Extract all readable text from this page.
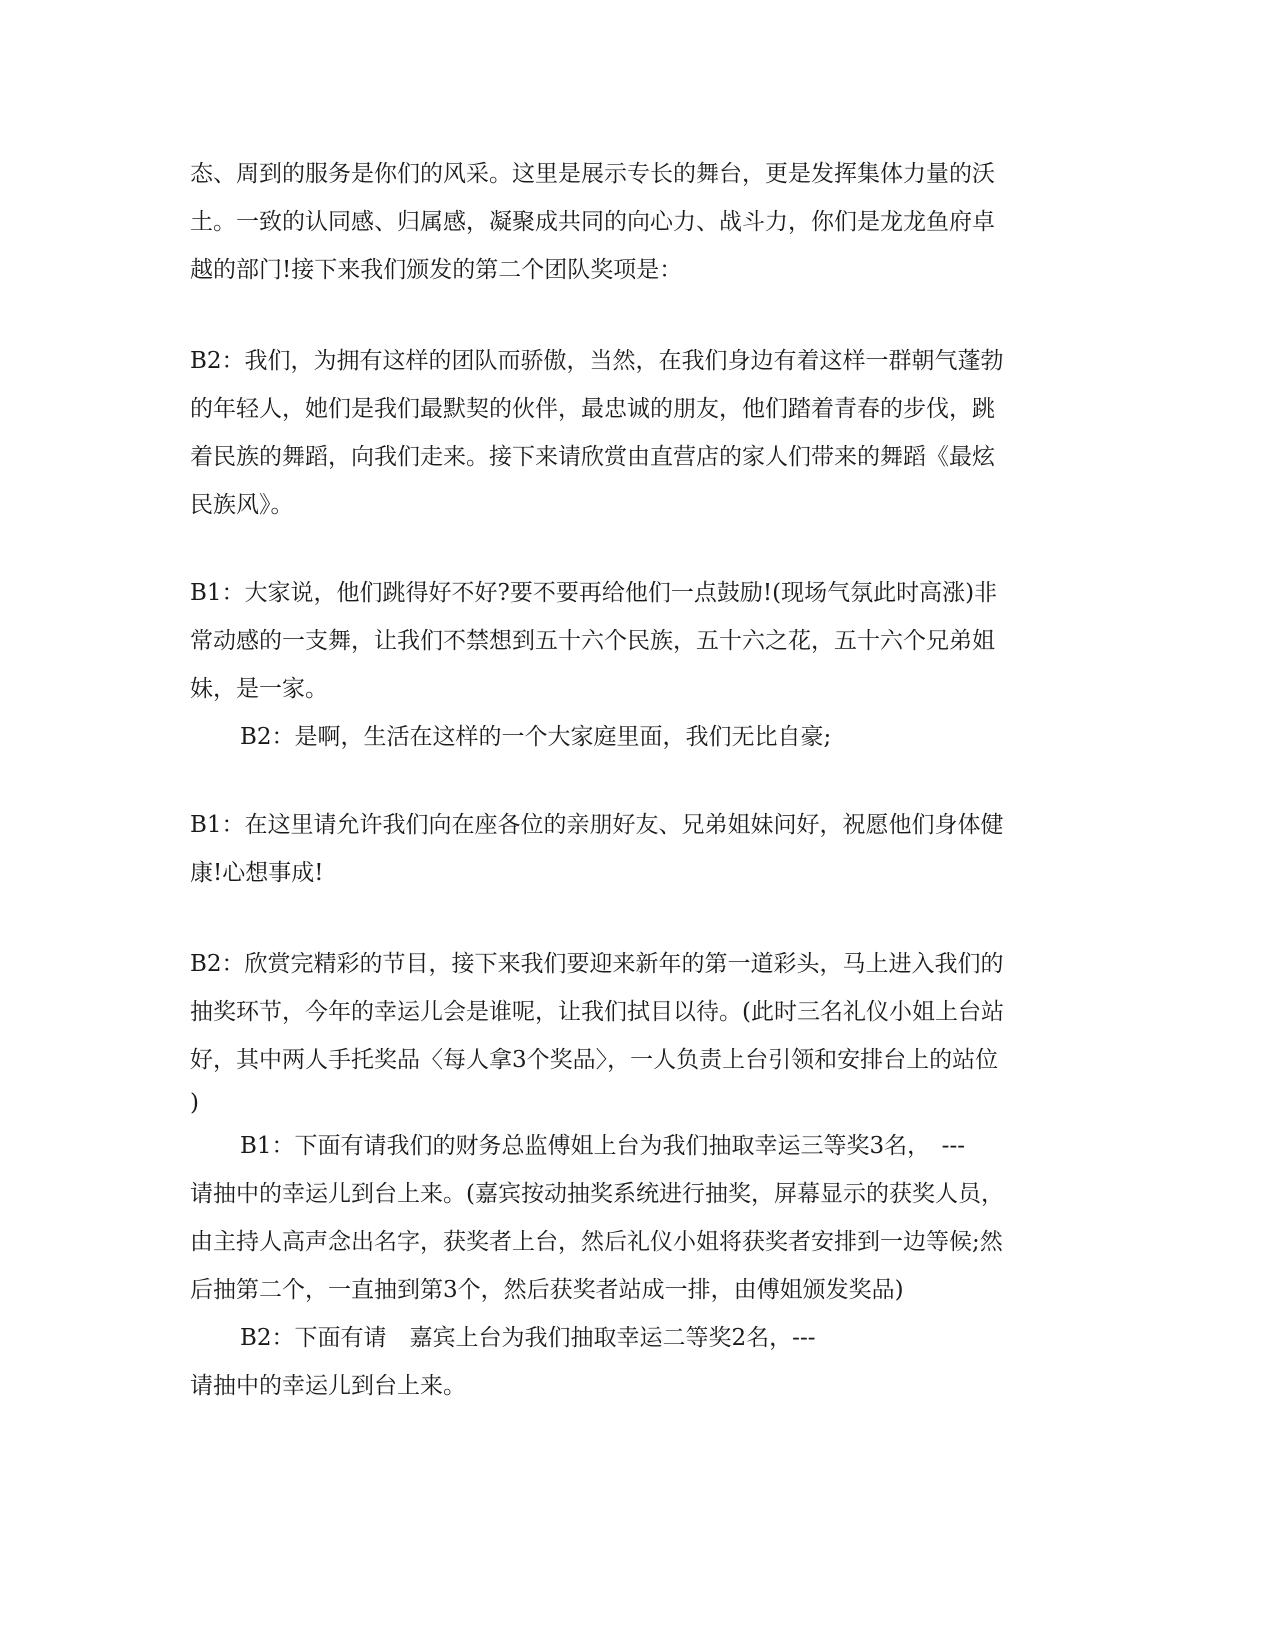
态、周到的服务是你们的风采。这里是展示专长的舞台，更是发挥集体力量的沃
土。一致的认同感、归属感，凝聚成共同的向心力、战斗力，你们是龙龙鱼府卓
越的部门!接下来我们颁发的第二个团队奖项是：
B2：我们，为拥有这样的团队而骄傲，当然，在我们身边有着这样一群朝气蓬勃
的年轻人，她们是我们最默契的伙伴，最忠诚的朋友，他们踏着青春的步伐，跳
着民族的舞蹈，向我们走来。接下来请欣赏由直营店的家人们带来的舞蹈《最炫
民族风》。
B1：大家说，他们跳得好不好?要不要再给他们一点鼓励!(现场气氛此时高涨)非
常动感的一支舞，让我们不禁想到五十六个民族，五十六之花，五十六个兄弟姐
妹，是一家。
B2：是啊，生活在这样的一个大家庭里面，我们无比自豪;
B1：在这里请允许我们向在座各位的亲朋好友、兄弟姐妹问好，祝愿他们身体健
康!心想事成!
B2：欣赏完精彩的节目，接下来我们要迎来新年的第一道彩头，马上进入我们的
抽奖环节，今年的幸运儿会是谁呢，让我们拭目以待。(此时三名礼仪小姐上台站
好，其中两人手托奖品〈每人拿3个奖品〉，一人负责上台引领和安排台上的站位
)
B1：下面有请我们的财务总监傅姐上台为我们抽取幸运三等奖3名，　---
请抽中的幸运儿到台上来。(嘉宾按动抽奖系统进行抽奖，屏幕显示的获奖人员，
由主持人高声念出名字，获奖者上台，然后礼仪小姐将获奖者安排到一边等候;然
后抽第二个，一直抽到第3个，然后获奖者站成一排，由傅姐颁发奖品)
B2：下面有请　嘉宾上台为我们抽取幸运二等奖2名，---
请抽中的幸运儿到台上来。
